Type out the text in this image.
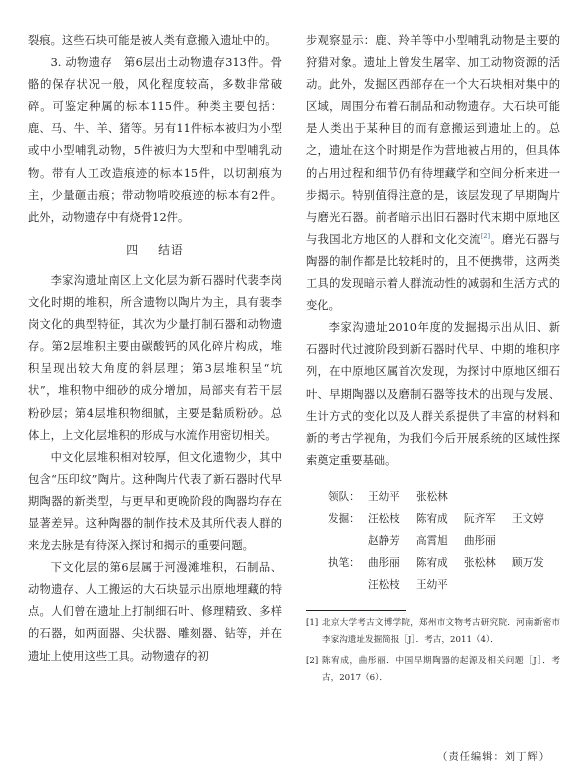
裂痕。这些石块可能是被人类有意搬入遗址中的。

3. 动物遗存　第6层出土动物遗存313件。骨骼的保存状况一般，风化程度较高，多数非常破碎。可鉴定种属的标本115件。种类主要包括：鹿、马、牛、羊、猪等。另有11件标本被归为小型或中小型哺乳动物，5件被归为大型和中型哺乳动物。带有人工改造痕迹的标本15件，以切割痕为主，少量砸击痕；带动物啃咬痕迹的标本有2件。此外，动物遗存中有烧骨12件。

四 结语

李家沟遗址南区上文化层为新石器时代裴李岗文化时期的堆积，所含遗物以陶片为主，具有裴李岗文化的典型特征，其次为少量打制石器和动物遗存。第2层堆积主要由碳酸钙的风化碎片构成，堆积呈现出较大角度的斜层理；第3层堆积呈“坑状”，堆积物中细砂的成分增加，局部夹有若干层粉砂层；第4层堆积物细腻，主要是黏质粉砂。总体上，上文化层堆积的形成与水流作用密切相关。

中文化层堆积相对较厚，但文化遗物少，其中包含“压印纹”陶片。这种陶片代表了新石器时代早期陶器的新类型，与更早和更晚阶段的陶器均存在显著差异。这种陶器的制作技术及其所代表人群的来龙去脉是有待深入探讨和揭示的重要问题。

下文化层的第6层属于河漫滩堆积，石制品、动物遗存、人工搬运的大石块显示出原地埋藏的特点。人们曾在遗址上打制细石叶、修理精致、多样的石器，如两面器、尖状器、雕刻器、钻等，并在遗址上使用这些工具。动物遗存的初

步观察显示：鹿、羚羊等中小型哺乳动物是主要的狩猎对象。遗址上曾发生屠宰、加工动物资源的活动。此外，发掘区西部存在一个大石块相对集中的区域，周围分布着石制品和动物遗存。大石块可能是人类出于某种目的而有意搬运到遗址上的。总之，遗址在这个时期是作为营地被占用的，但具体的占用过程和细节仍有待埋藏学和空间分析来进一步揭示。特别值得注意的是，该层发现了早期陶片与磨光石器。前者暗示出旧石器时代末期中原地区与我国北方地区的人群和文化交流[2]。磨光石器与陶器的制作都是比较耗时的，且不便携带，这两类工具的发现暗示着人群流动性的减弱和生活方式的变化。

李家沟遗址2010年度的发掘揭示出从旧、新石器时代过渡阶段到新石器时代早、中期的堆积序列，在中原地区属首次发现，为探讨中原地区细石叶、早期陶器以及磨制石器等技术的出现与发展、生计方式的变化以及人群关系提供了丰富的材料和新的考古学视角，为我们今后开展系统的区域性探索奠定重要基础。

领队： 王幼平	张松林
发掘： 汪松枝	陈宥成	阮齐军	王文婷
赵静芳	高霄旭	曲彤丽
执笔： 曲彤丽	陈宥成	张松林	顾万发
汪松枝	王幼平
[1] 北京大学考古文博学院，郑州市文物考古研究院．河南新密市李家沟遗址发掘简报［J］．考古，2011（4）．
[2] 陈宥成，曲彤丽．中国早期陶器的起源及相关问题［J］．考古，2017（6）．
（责任编辑：刘丁辉）
